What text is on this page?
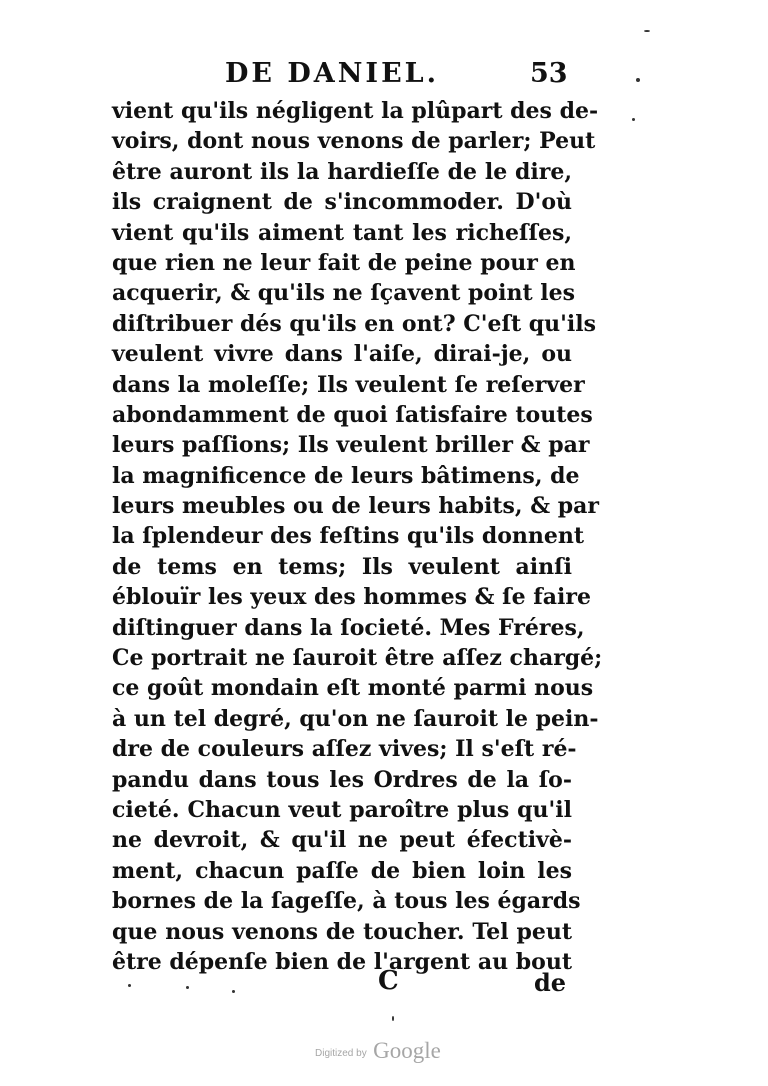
DE DANIEL.	53
vient qu'ils négligent la plûpart des de-
voirs, dont nous venons de parler; Peut
être auront ils la hardieſſe de le dire,
ils craignent de s'incommoder. D'où
vient qu'ils aiment tant les richeſſes,
que rien ne leur fait de peine pour en
acquerir, & qu'ils ne ſçavent point les
diſtribuer dés qu'ils en ont? C'eſt qu'ils
veulent vivre dans l'aiſe, dirai-je, ou
dans la moleſſe; Ils veulent ſe reſerver
abondamment de quoi ſatisfaire toutes
leurs paſſions; Ils veulent briller & par
la magnificence de leurs bâtimens, de
leurs meubles ou de leurs habits, & par
la ſplendeur des feſtins qu'ils donnent
de tems en tems; Ils veulent ainſi
éblouïr les yeux des hommes & ſe faire
diſtinguer dans la ſocieté. Mes Fréres,
Ce portrait ne ſauroit être aſſez chargé;
ce goût mondain eſt monté parmi nous
à un tel degré, qu'on ne ſauroit le pein-
dre de couleurs aſſez vives; Il s'eſt ré-
pandu dans tous les Ordres de la ſo-
cieté. Chacun veut paroître plus qu'il
ne devroit, & qu'il ne peut éfectivè-
ment, chacun paſſe de bien loin les
bornes de la ſageſſe, à tous les égards
que nous venons de toucher. Tel peut
être dépenſe bien de l'argent au bout
C	de
Digitized by Google
